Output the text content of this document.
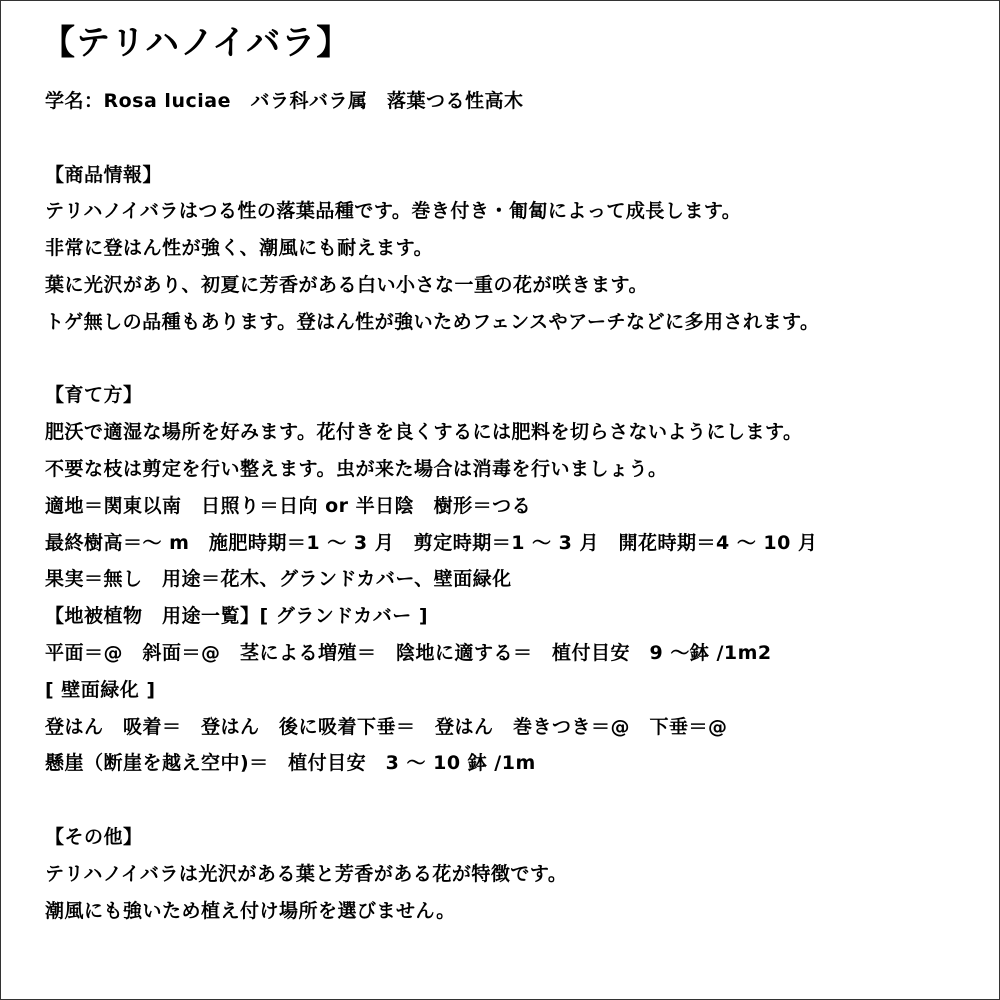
【テリハノイバラ】
学名：Rosa luciae　バラ科バラ属　落葉つる性高木
【商品情報】
テリハノイバラはつる性の落葉品種です。巻き付き・匍匐によって成長します。
非常に登はん性が強く、潮風にも耐えます。
葉に光沢があり、初夏に芳香がある白い小さな一重の花が咲きます。
トゲ無しの品種もあります。登はん性が強いためフェンスやアーチなどに多用されます。
【育て方】
肥沃で適湿な場所を好みます。花付きを良くするには肥料を切らさないようにします。
不要な枝は剪定を行い整えます。虫が来た場合は消毒を行いましょう。
適地＝関東以南　日照り＝日向 or 半日陰　樹形＝つる
最終樹高＝～ m　施肥時期＝1 ～ 3 月　剪定時期＝1 ～ 3 月　開花時期＝4 ～ 10 月
果実＝無し　用途＝花木、グランドカバー、壁面緑化
【地被植物　用途一覧】[ グランドカバー ]
平面＝@　斜面＝@　茎による増殖＝　陰地に適する＝　植付目安　9 ～鉢 /1m2
[ 壁面緑化 ]
登はん　吸着＝　登はん　後に吸着下垂＝　登はん　巻きつき＝@　下垂＝@
懸崖（断崖を越え空中)＝　植付目安　3 ～ 10 鉢 /1m
【その他】
テリハノイバラは光沢がある葉と芳香がある花が特徴です。
潮風にも強いため植え付け場所を選びません。
